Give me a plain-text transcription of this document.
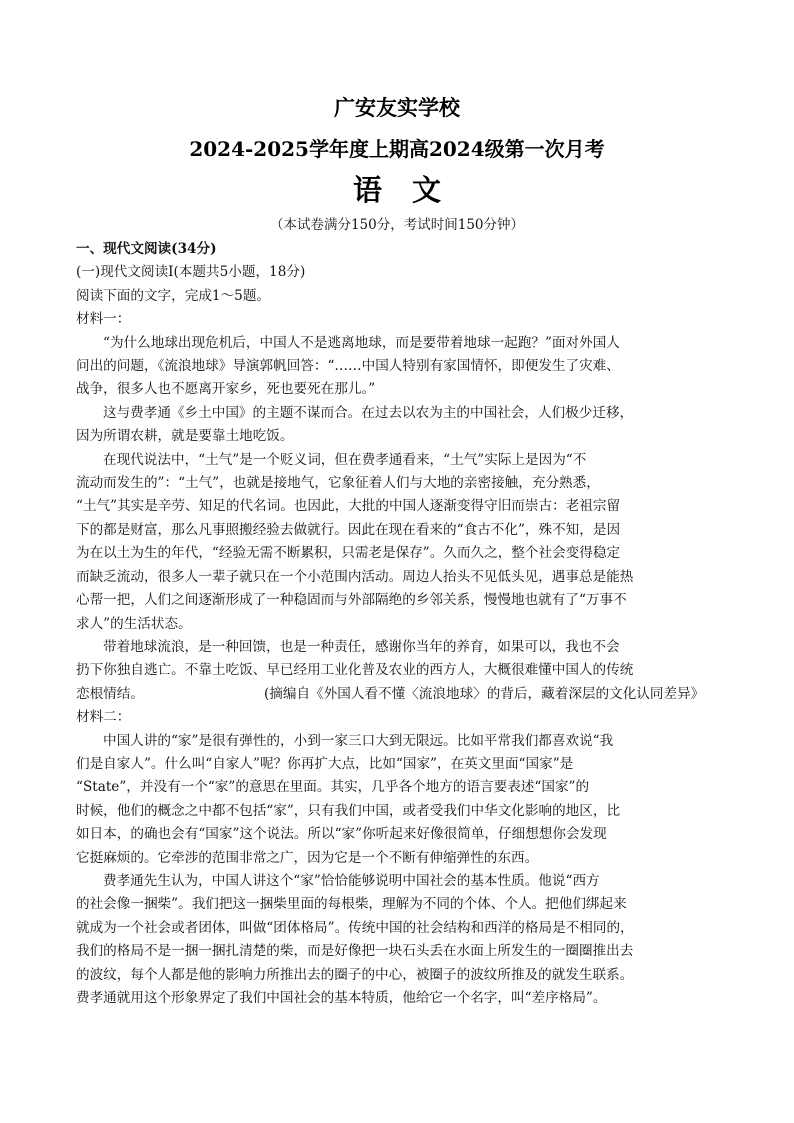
广安友实学校
2024-2025学年度上期高2024级第一次月考
语文
（本试卷满分150分，考试时间150分钟）
一、现代文阅读(34分)
(一)现代文阅读Ⅰ(本题共5小题，18分)
阅读下面的文字，完成1～5题。
材料一：
“为什么地球出现危机后，中国人不是逃离地球，而是要带着地球一起跑？”面对外国人
问出的问题，《流浪地球》导演郭帆回答：“……中国人特别有家国情怀，即便发生了灾难、
战争，很多人也不愿离开家乡，死也要死在那儿。”
这与费孝通《乡土中国》的主题不谋而合。在过去以农为主的中国社会，人们极少迁移，
因为所谓农耕，就是要靠土地吃饭。
在现代说法中，“土气”是一个贬义词，但在费孝通看来，“土气”实际上是因为“不
流动而发生的”：“土气”，也就是接地气，它象征着人们与大地的亲密接触，充分熟悉，
“土气”其实是辛劳、知足的代名词。也因此，大批的中国人逐渐变得守旧而崇古：老祖宗留
下的都是财富，那么凡事照搬经验去做就行。因此在现在看来的“食古不化”，殊不知，是因
为在以土为生的年代，“经验无需不断累积，只需老是保存”。久而久之，整个社会变得稳定
而缺乏流动，很多人一辈子就只在一个小范围内活动。周边人抬头不见低头见，遇事总是能热
心帮一把，人们之间逐渐形成了一种稳固而与外部隔绝的乡邻关系，慢慢地也就有了“万事不
求人”的生活状态。
带着地球流浪，是一种回馈，也是一种责任，感谢你当年的养育，如果可以，我也不会
扔下你独自逃亡。不靠土吃饭、早已经用工业化普及农业的西方人，大概很难懂中国人的传统
恋根情结。	(摘编自《外国人看不懂〈流浪地球〉的背后，藏着深层的文化认同差异》
材料二：
中国人讲的“家”是很有弹性的，小到一家三口大到无限远。比如平常我们都喜欢说“我
们是自家人”。什么叫“自家人”呢？你再扩大点，比如“国家”，在英文里面“国家”是
“State”，并没有一个“家”的意思在里面。其实，几乎各个地方的语言要表述“国家”的
时候，他们的概念之中都不包括“家”，只有我们中国，或者受我们中华文化影响的地区，比
如日本，的确也会有“国家”这个说法。所以“家”你听起来好像很简单，仔细想想你会发现
它挺麻烦的。它牵涉的范围非常之广，因为它是一个不断有伸缩弹性的东西。
费孝通先生认为，中国人讲这个“家”恰恰能够说明中国社会的基本性质。他说“西方
的社会像一捆柴”。我们把这一捆柴里面的每根柴，理解为不同的个体、个人。把他们绑起来
就成为一个社会或者团体，叫做“团体格局”。传统中国的社会结构和西洋的格局是不相同的，
我们的格局不是一捆一捆扎清楚的柴，而是好像把一块石头丢在水面上所发生的一圈圈推出去
的波纹，每个人都是他的影响力所推出去的圈子的中心，被圈子的波纹所推及的就发生联系。
费孝通就用这个形象界定了我们中国社会的基本特质，他给它一个名字，叫“差序格局”。
